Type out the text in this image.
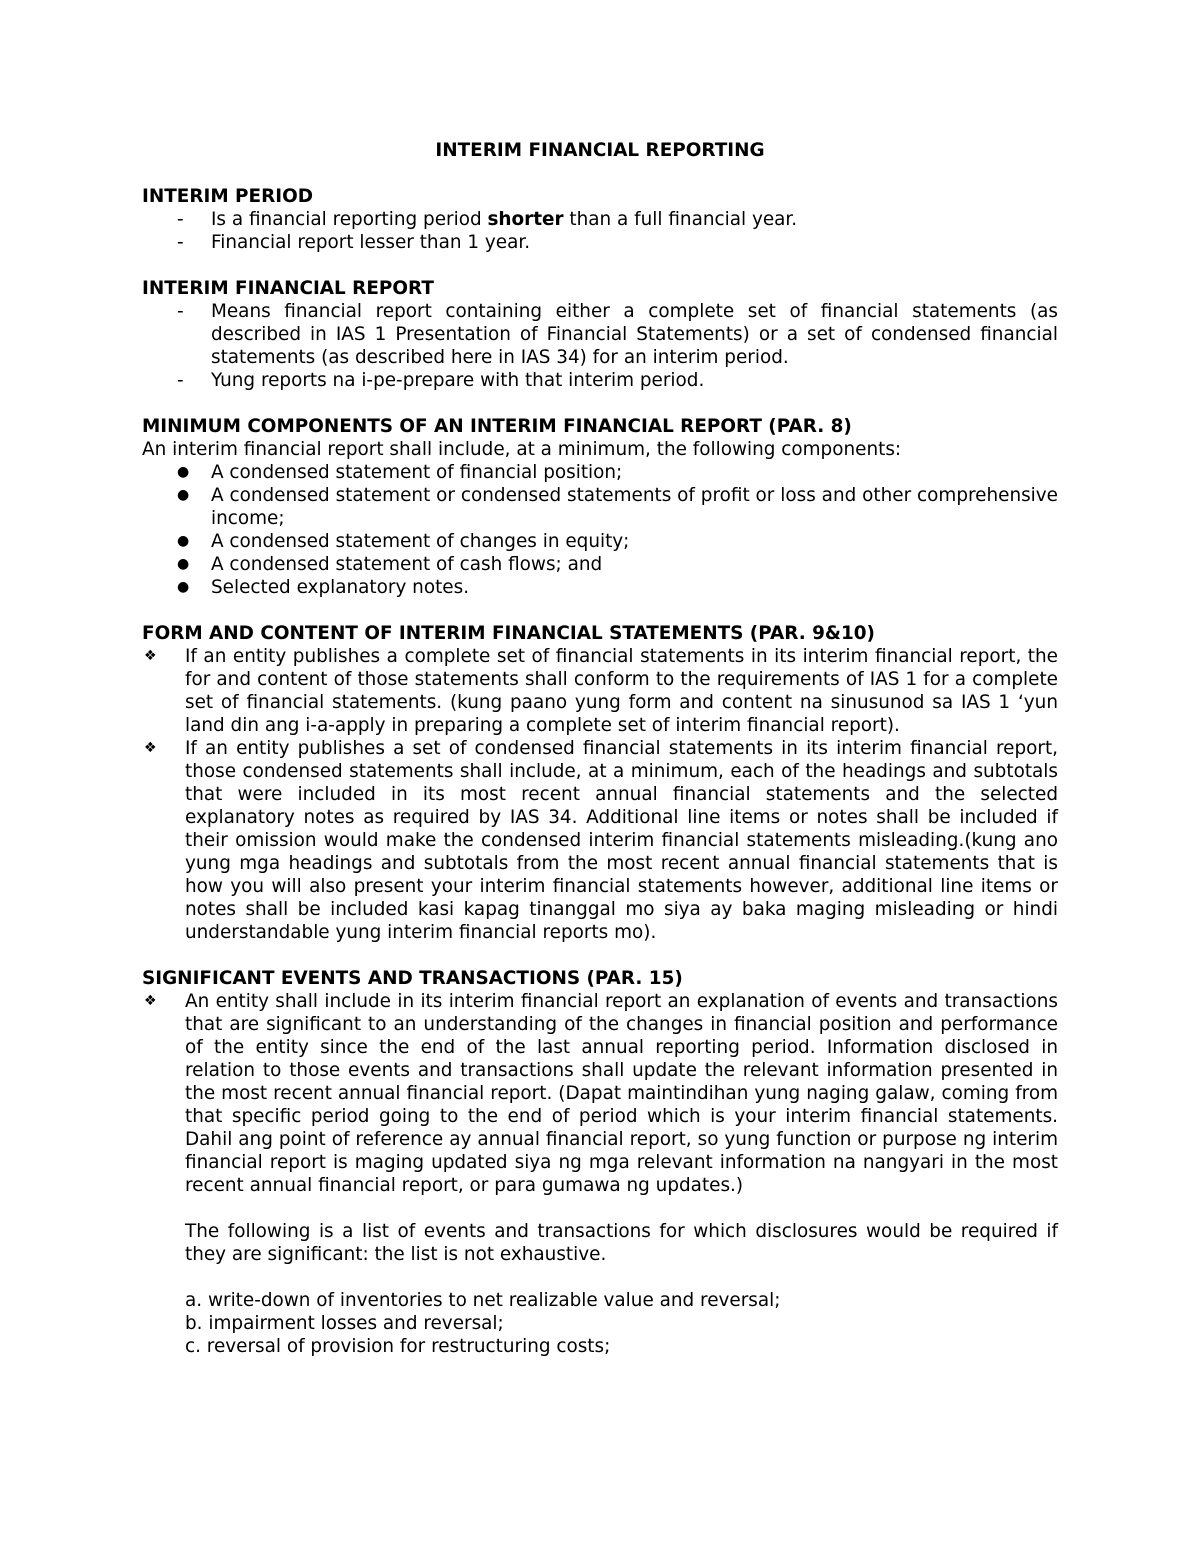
INTERIM FINANCIAL REPORTING
INTERIM PERIOD
- Is a financial reporting period shorter than a full financial year.
- Financial report lesser than 1 year.
INTERIM FINANCIAL REPORT
- Means financial report containing either a complete set of financial statements (as described in IAS 1 Presentation of Financial Statements) or a set of condensed financial statements (as described here in IAS 34) for an interim period.
- Yung reports na i-pe-prepare with that interim period.
MINIMUM COMPONENTS OF AN INTERIM FINANCIAL REPORT (PAR. 8)

An interim financial report shall include, at a minimum, the following components:

● A condensed statement of financial position;
● A condensed statement or condensed statements of profit or loss and other comprehensive income;
● A condensed statement of changes in equity;
● A condensed statement of cash flows; and
● Selected explanatory notes.
FORM AND CONTENT OF INTERIM FINANCIAL STATEMENTS (PAR. 9&10)
❖ If an entity publishes a complete set of financial statements in its interim financial report, the for and content of those statements shall conform to the requirements of IAS 1 for a complete set of financial statements. (kung paano yung form and content na sinusunod sa IAS 1 ‘yun land din ang i-a-apply in preparing a complete set of interim financial report).
❖ If an entity publishes a set of condensed financial statements in its interim financial report, those condensed statements shall include, at a minimum, each of the headings and subtotals that were included in its most recent annual financial statements and the selected explanatory notes as required by IAS 34. Additional line items or notes shall be included if their omission would make the condensed interim financial statements misleading.(kung ano yung mga headings and subtotals from the most recent annual financial statements that is how you will also present your interim financial statements however, additional line items or notes shall be included kasi kapag tinanggal mo siya ay baka maging misleading or hindi understandable yung interim financial reports mo).
SIGNIFICANT EVENTS AND TRANSACTIONS (PAR. 15)
❖ An entity shall include in its interim financial report an explanation of events and transactions that are significant to an understanding of the changes in financial position and performance of the entity since the end of the last annual reporting period. Information disclosed in relation to those events and transactions shall update the relevant information presented in the most recent annual financial report. (Dapat maintindihan yung naging galaw, coming from that specific period going to the end of period which is your interim financial statements. Dahil ang point of reference ay annual financial report, so yung function or purpose ng interim financial report is maging updated siya ng mga relevant information na nangyari in the most recent annual financial report, or para gumawa ng updates.)

The following is a list of events and transactions for which disclosures would be required if they are significant: the list is not exhaustive.

a. write-down of inventories to net realizable value and reversal;
b. impairment losses and reversal;
c. reversal of provision for restructuring costs;
